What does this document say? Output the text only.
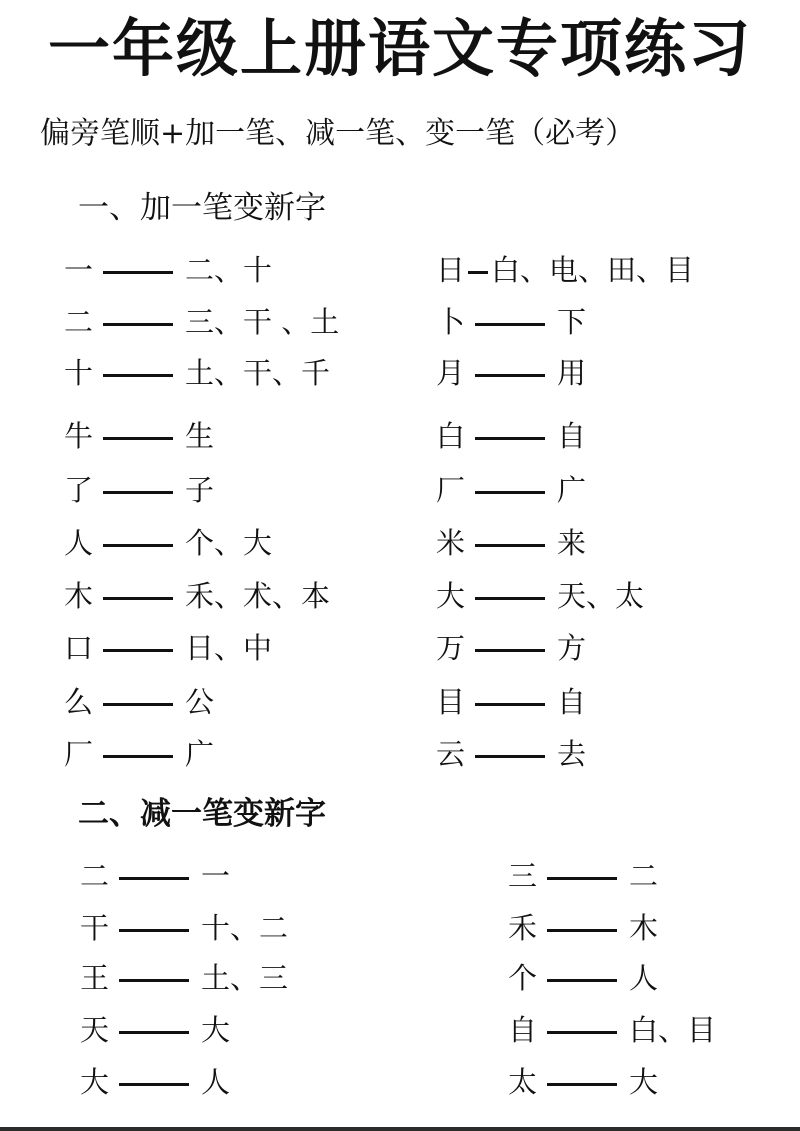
一年级上册语文专项练习
偏旁笔顺+加一笔、减一笔、变一笔（必考）
一、加一笔变新字
一	二、十
二	三、干 、土
十	土、干、千
牛	生
了	子
人	个、大
木	禾、术、本
口	日、中
么	公
厂	广
日 白、电、田、目
卜	下
月	用
白	自
厂	广
米	来
大	天、太
万	方
目	自
云	去
二、减一笔变新字
二	一
干	十、二
王	土、三
天	大
大	人
三	二
禾	木
个	人
自	白、目
太	大
